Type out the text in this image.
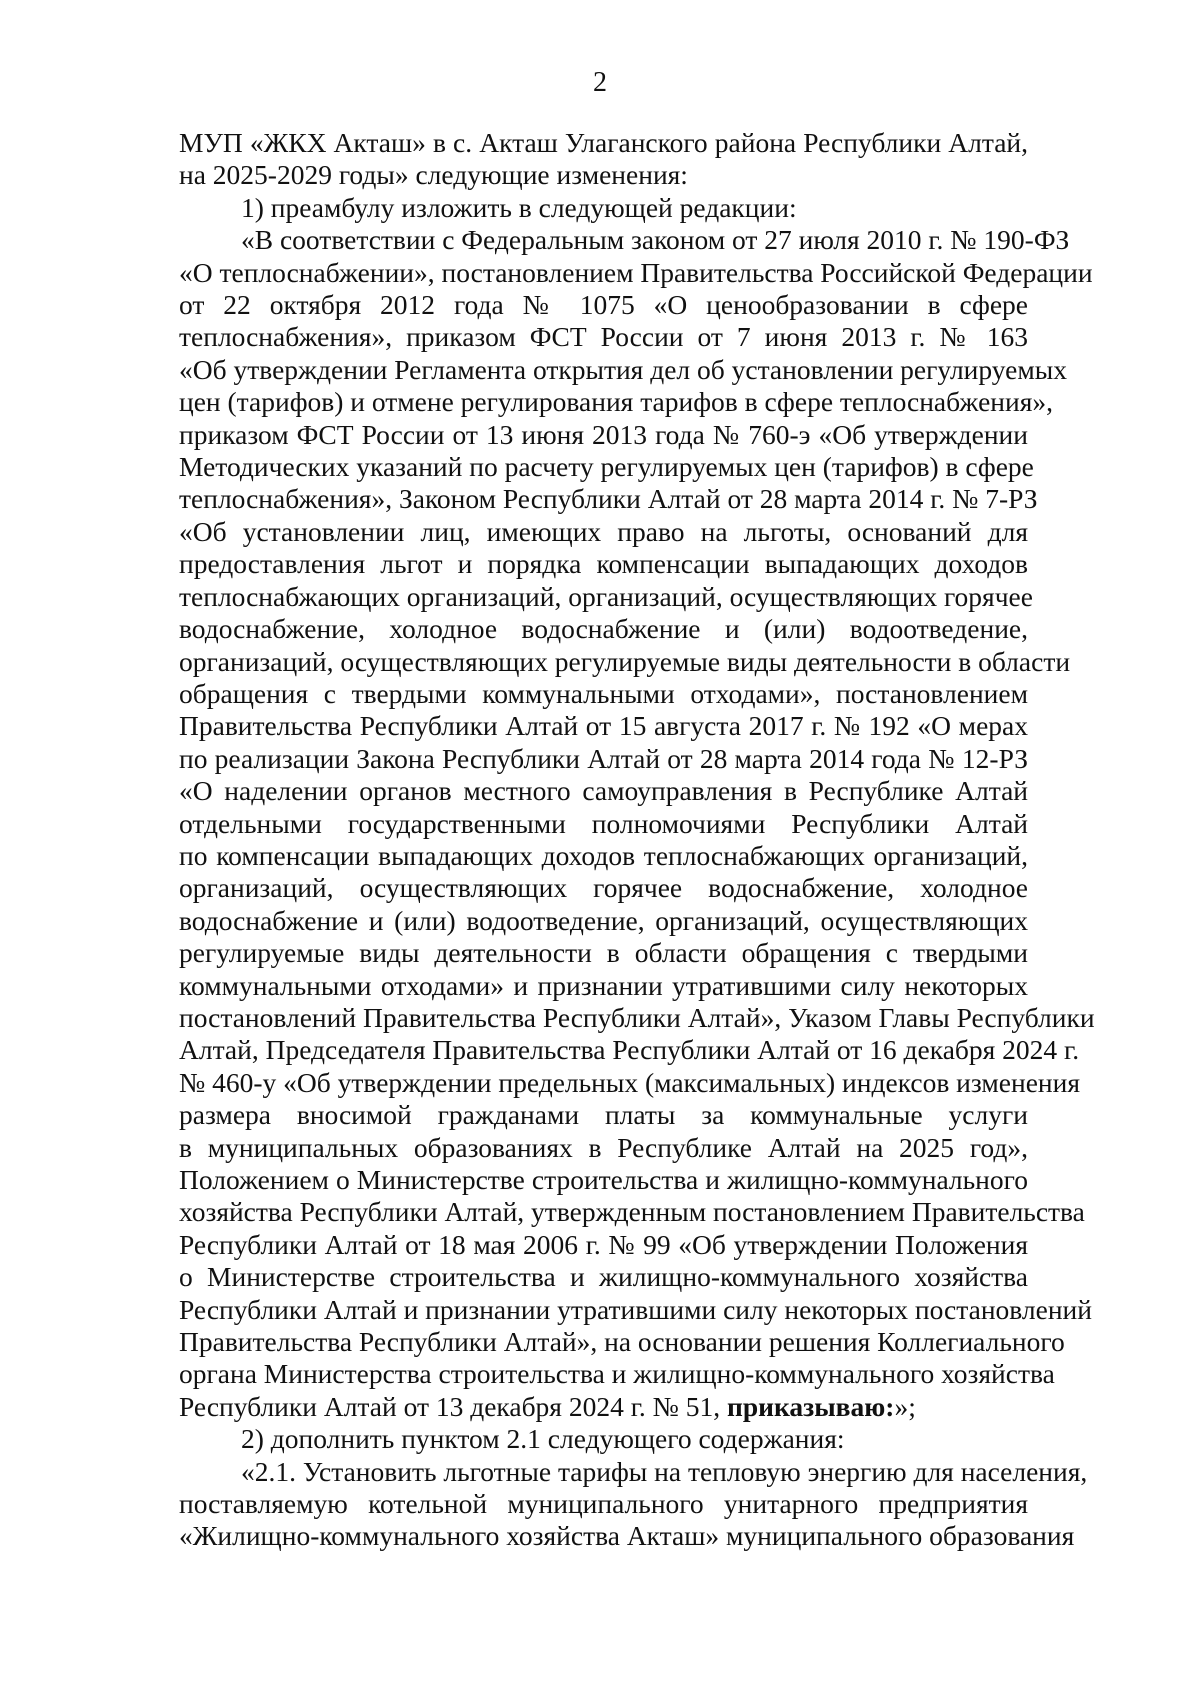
2
МУП «ЖКХ Акташ» в с. Акташ Улаганского района Республики Алтай,
на 2025-2029 годы» следующие изменения:
1) преамбулу изложить в следующей редакции:
«В соответствии с Федеральным законом от 27 июля 2010 г. № 190-ФЗ
«О теплоснабжении», постановлением Правительства Российской Федерации
от 22 октября 2012 года № 1075 «О ценообразовании в сфере
теплоснабжения», приказом ФСТ России от 7 июня 2013 г. № 163
«Об утверждении Регламента открытия дел об установлении регулируемых
цен (тарифов) и отмене регулирования тарифов в сфере теплоснабжения»,
приказом ФСТ России от 13 июня 2013 года № 760-э «Об утверждении
Методических указаний по расчету регулируемых цен (тарифов) в сфере
теплоснабжения», Законом Республики Алтай от 28 марта 2014 г. № 7-РЗ
«Об установлении лиц, имеющих право на льготы, оснований для
предоставления льгот и порядка компенсации выпадающих доходов
теплоснабжающих организаций, организаций, осуществляющих горячее
водоснабжение, холодное водоснабжение и (или) водоотведение,
организаций, осуществляющих регулируемые виды деятельности в области
обращения с твердыми коммунальными отходами», постановлением
Правительства Республики Алтай от 15 августа 2017 г. № 192 «О мерах
по реализации Закона Республики Алтай от 28 марта 2014 года № 12-РЗ
«О наделении органов местного самоуправления в Республике Алтай
отдельными государственными полномочиями Республики Алтай
по компенсации выпадающих доходов теплоснабжающих организаций,
организаций, осуществляющих горячее водоснабжение, холодное
водоснабжение и (или) водоотведение, организаций, осуществляющих
регулируемые виды деятельности в области обращения с твердыми
коммунальными отходами» и признании утратившими силу некоторых
постановлений Правительства Республики Алтай», Указом Главы Республики
Алтай, Председателя Правительства Республики Алтай от 16 декабря 2024 г.
№ 460-у «Об утверждении предельных (максимальных) индексов изменения
размера вносимой гражданами платы за коммунальные услуги
в муниципальных образованиях в Республике Алтай на 2025 год»,
Положением о Министерстве строительства и жилищно-коммунального
хозяйства Республики Алтай, утвержденным постановлением Правительства
Республики Алтай от 18 мая 2006 г. № 99 «Об утверждении Положения
о Министерстве строительства и жилищно-коммунального хозяйства
Республики Алтай и признании утратившими силу некоторых постановлений
Правительства Республики Алтай», на основании решения Коллегиального
органа Министерства строительства и жилищно-коммунального хозяйства
Республики Алтай от 13 декабря 2024 г. № 51, приказываю:»;
2) дополнить пунктом 2.1 следующего содержания:
«2.1. Установить льготные тарифы на тепловую энергию для населения,
поставляемую котельной муниципального унитарного предприятия
«Жилищно-коммунального хозяйства Акташ» муниципального образования
